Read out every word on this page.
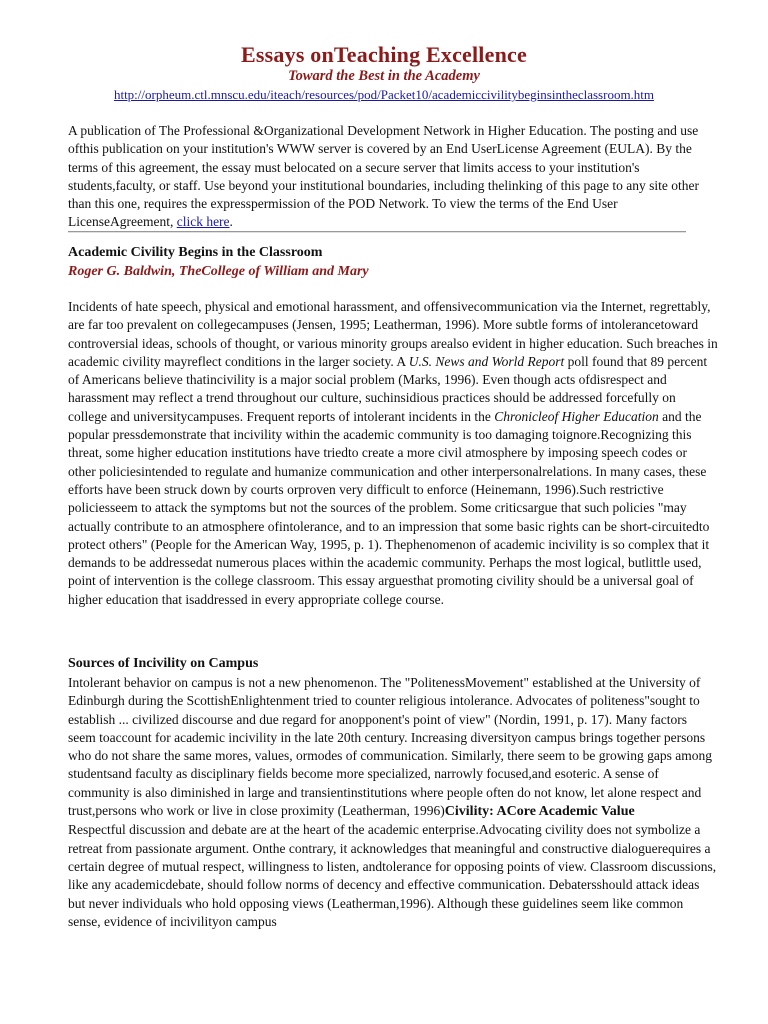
Essays onTeaching Excellence
Toward the Best in the Academy
http://orpheum.ctl.mnscu.edu/iteach/resources/pod/Packet10/academiccivilitybeginsintheclassroom.htm

A publication of The Professional &Organizational Development Network in Higher Education. The posting and use ofthis publication on your institution's WWW server is covered by an End UserLicense Agreement (EULA). By the terms of this agreement, the essay must belocated on a secure server that limits access to your institution's students,faculty, or staff. Use beyond your institutional boundaries, including thelinking of this page to any site other than this one, requires the expresspermission of the POD Network. To view the terms of the End User LicenseAgreement, click here.

Academic Civility Begins in the Classroom
Roger G. Baldwin, TheCollege of William and Mary

Incidents of hate speech, physical and emotional harassment, and offensivecommunication via the Internet, regrettably, are far too prevalent on collegecampuses (Jensen, 1995; Leatherman, 1996). More subtle forms of intolerancetoward controversial ideas, schools of thought, or various minority groups arealso evident in higher education. Such breaches in academic civility mayreflect conditions in the larger society. A U.S. News and World Report poll found that 89 percent of Americans believe thatincivility is a major social problem (Marks, 1996). Even though acts ofdisrespect and harassment may reflect a trend throughout our culture, suchinsidious practices should be addressed forcefully on college and universitycampuses. Frequent reports of intolerant incidents in the Chronicleof Higher Education and the popular pressdemonstrate that incivility within the academic community is too damaging toignore.Recognizing this threat, some higher education institutions have triedto create a more civil atmosphere by imposing speech codes or other policiesintended to regulate and humanize communication and other interpersonalrelations. In many cases, these efforts have been struck down by courts orproven very difficult to enforce (Heinemann, 1996).Such restrictive policiesseem to attack the symptoms but not the sources of the problem. Some criticsargue that such policies "may actually contribute to an atmosphere ofintolerance, and to an impression that some basic rights can be short-circuitedto protect others" (People for the American Way, 1995, p. 1). Thephenomenon of academic incivility is so complex that it demands to be addressedat numerous places within the academic community. Perhaps the most logical, butlittle used, point of intervention is the college classroom. This essay arguesthat promoting civility should be a universal goal of higher education that isaddressed in every appropriate college course.

Sources of Incivility on Campus

Intolerant behavior on campus is not a new phenomenon. The "PolitenessMovement" established at the University of Edinburgh during the ScottishEnlightenment tried to counter religious intolerance. Advocates of politeness"sought to establish ... civilized discourse and due regard for anopponent's point of view" (Nordin, 1991, p. 17). Many factors seem toaccount for academic incivility in the late 20th century. Increasing diversityon campus brings together persons who do not share the same mores, values, ormodes of communication. Similarly, there seem to be growing gaps among studentsand faculty as disciplinary fields become more specialized, narrowly focused,and esoteric. A sense of community is also diminished in large and transientinstitutions where people often do not know, let alone respect and trust,persons who work or live in close proximity (Leatherman, 1996)Civility: ACore Academic Value
Respectful discussion and debate are at the heart of the academic enterprise.Advocating civility does not symbolize a retreat from passionate argument. Onthe contrary, it acknowledges that meaningful and constructive dialoguerequires a certain degree of mutual respect, willingness to listen, andtolerance for opposing points of view. Classroom discussions, like any academicdebate, should follow norms of decency and effective communication. Debatersshould attack ideas but never individuals who hold opposing views (Leatherman,1996). Although these guidelines seem like common sense, evidence of incivilityon campus
